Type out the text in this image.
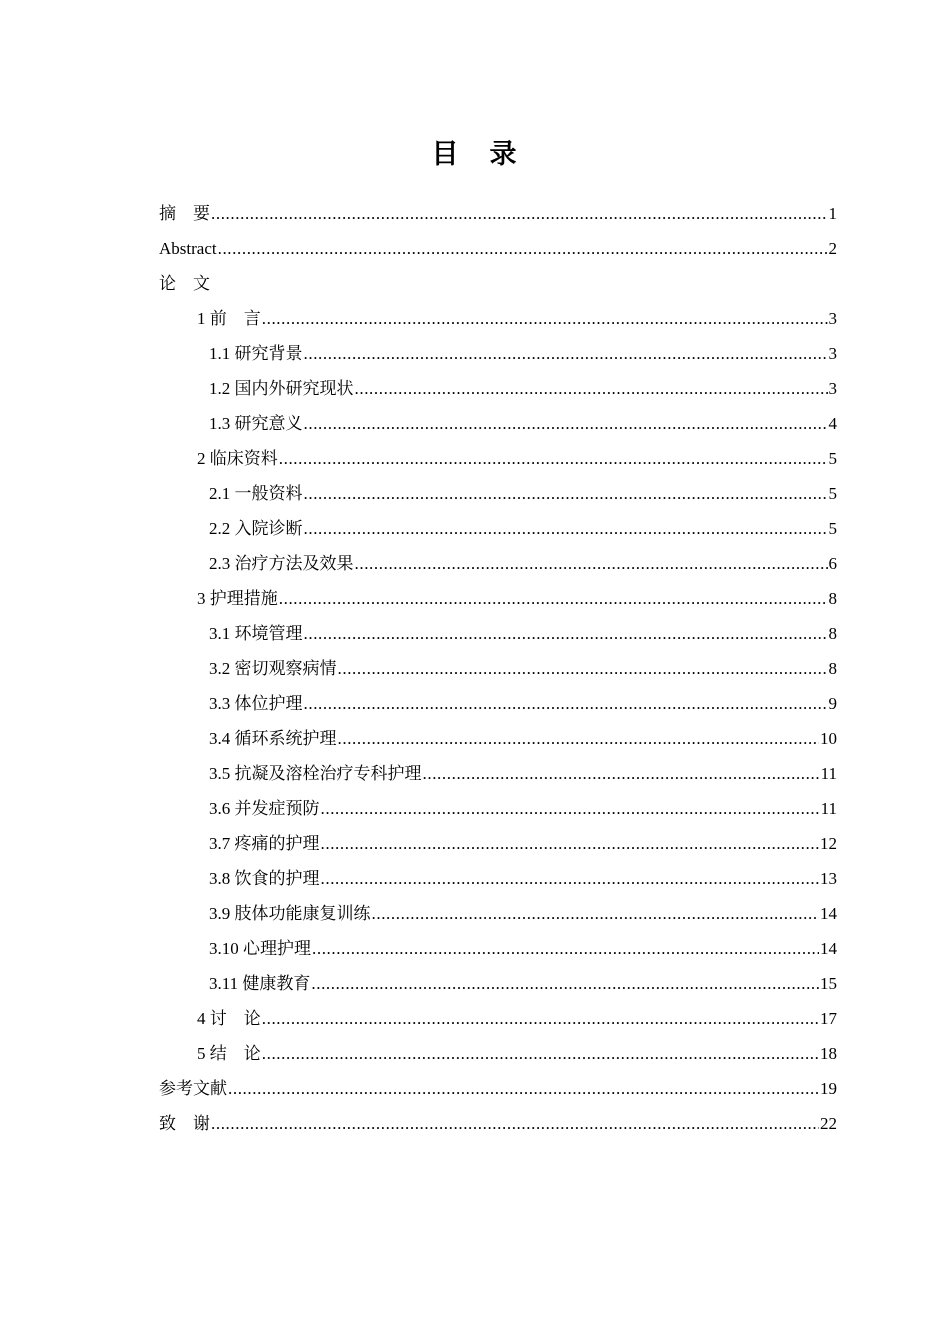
目　录
摘　要 .....	1
Abstract .....	2
论　文
1 前　言 .....	3
1.1 研究背景 .....	3
1.2 国内外研究现状 .....	3
1.3 研究意义 .....	4
2 临床资料 .....	5
2.1 一般资料 .....	5
2.2 入院诊断 .....	5
2.3 治疗方法及效果 .....	6
3 护理措施 .....	8
3.1 环境管理 .....	8
3.2 密切观察病情 .....	8
3.3 体位护理 .....	9
3.4 循环系统护理 .....	10
3.5 抗凝及溶栓治疗专科护理 .....	11
3.6 并发症预防 .....	11
3.7 疼痛的护理 .....	12
3.8 饮食的护理 .....	13
3.9 肢体功能康复训练 .....	14
3.10 心理护理 .....	14
3.11 健康教育 .....	15
4 讨　论 .....	17
5 结　论 .....	18
参考文献 .....	19
致　谢 .....	22
